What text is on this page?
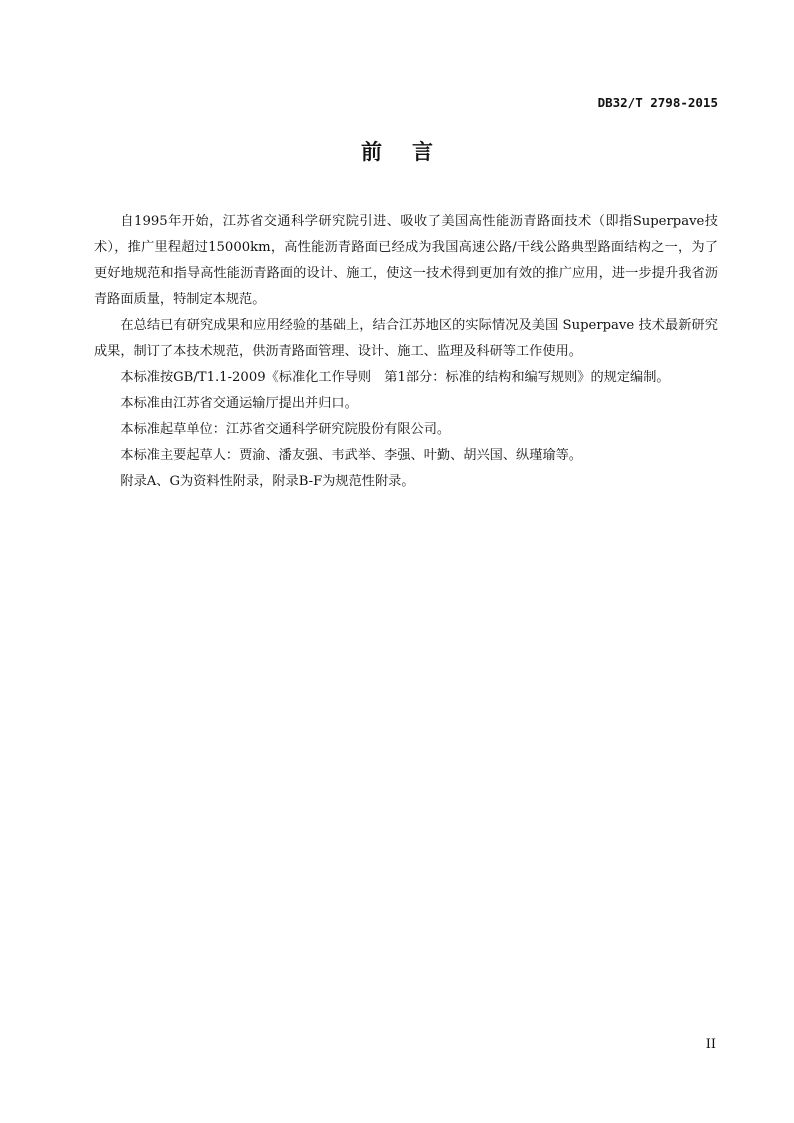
DB32/T 2798-2015
前 言

自1995年开始，江苏省交通科学研究院引进、吸收了美国高性能沥青路面技术（即指Superpave技术），推广里程超过15000km，高性能沥青路面已经成为我国高速公路/干线公路典型路面结构之一，为了更好地规范和指导高性能沥青路面的设计、施工，使这一技术得到更加有效的推广应用，进一步提升我省沥青路面质量，特制定本规范。

在总结已有研究成果和应用经验的基础上，结合江苏地区的实际情况及美国 Superpave 技术最新研究成果，制订了本技术规范，供沥青路面管理、设计、施工、监理及科研等工作使用。

本标准按GB/T1.1-2009《标准化工作导则　第1部分：标准的结构和编写规则》的规定编制。

本标准由江苏省交通运输厅提出并归口。

本标准起草单位：江苏省交通科学研究院股份有限公司。

本标准主要起草人：贾渝、潘友强、韦武举、李强、叶勤、胡兴国、纵瑾瑜等。

附录A、G为资料性附录，附录B-F为规范性附录。

II
